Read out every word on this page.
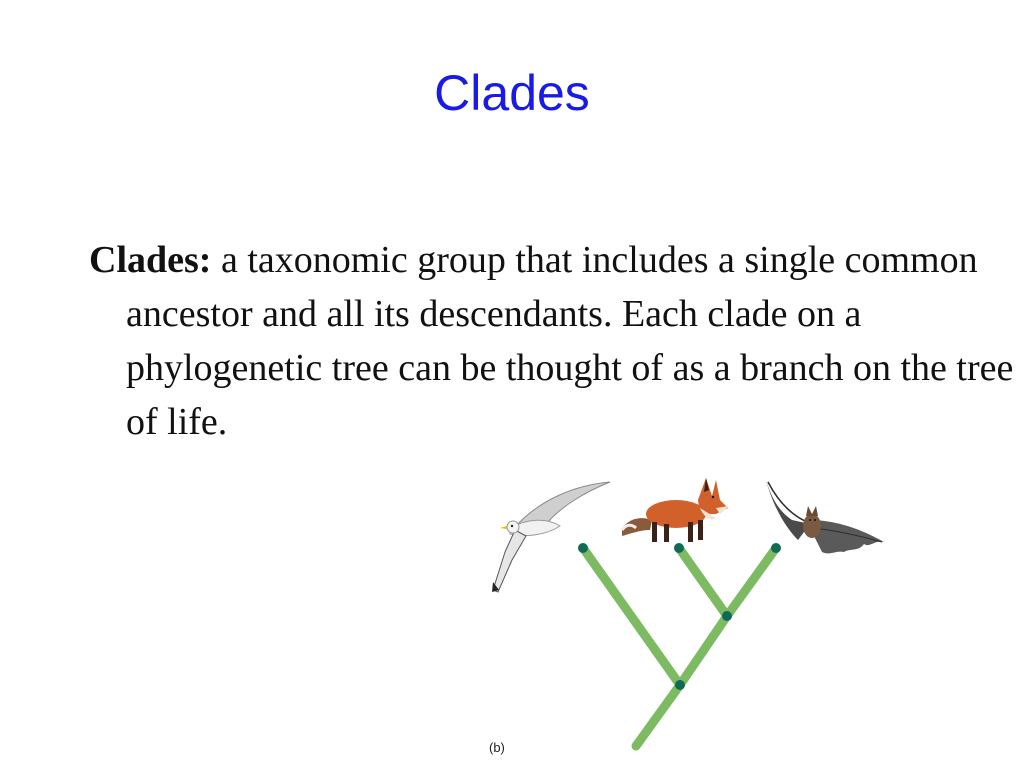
Clades

Clades: a taxonomic group that includes a single common ancestor and all its descendants. Each clade on a phylogenetic tree can be thought of as a branch on the tree of life.

(b)
